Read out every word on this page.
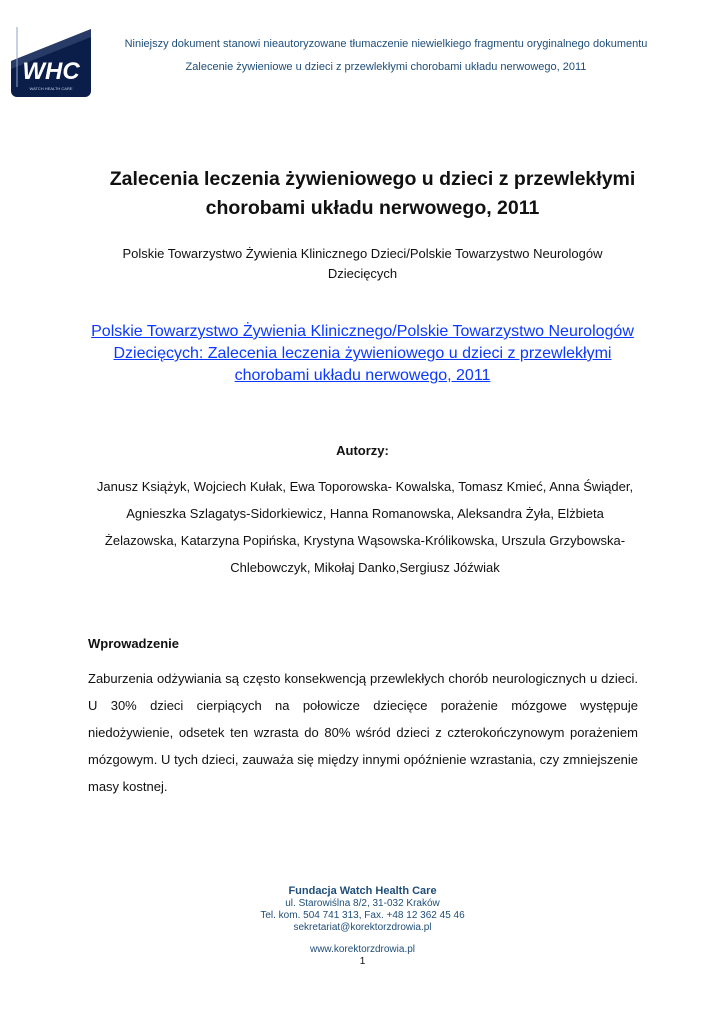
WHC
WATCH HEALTH CARE
Niniejszy dokument stanowi nieautoryzowane tłumaczenie niewielkiego fragmentu oryginalnego dokumentu
Zalecenie żywieniowe u dzieci z przewlekłymi chorobami układu nerwowego, 2011
Zalecenia leczenia żywieniowego u dzieci z przewlekłymi chorobami układu nerwowego, 2011
Polskie Towarzystwo Żywienia Klinicznego Dzieci/Polskie Towarzystwo Neurologów Dziecięcych
Polskie Towarzystwo Żywienia Klinicznego/Polskie Towarzystwo Neurologów Dziecięcych: Zalecenia leczenia żywieniowego u dzieci z przewlekłymi chorobami układu nerwowego, 2011
Autorzy:
Janusz Książyk, Wojciech Kułak, Ewa Toporowska- Kowalska, Tomasz Kmieć, Anna Świąder, Agnieszka Szlagatys-Sidorkiewicz, Hanna Romanowska, Aleksandra Żyła, Elżbieta Żelazowska, Katarzyna Popińska, Krystyna Wąsowska-Królikowska, Urszula Grzybowska- Chlebowczyk, Mikołaj Danko,Sergiusz Jóźwiak
Wprowadzenie
Zaburzenia odżywiania są często konsekwencją przewlekłych chorób neurologicznych u dzieci. U 30% dzieci cierpiących na połowicze dziecięce porażenie mózgowe występuje niedożywienie, odsetek ten wzrasta do 80% wśród dzieci z czterokończynowym porażeniem mózgowym. U tych dzieci, zauważa się między innymi opóźnienie wzrastania, czy zmniejszenie masy kostnej.
Fundacja Watch Health Care
ul. Starowiślna 8/2, 31-032 Kraków
Tel. kom. 504 741 313, Fax. +48 12 362 45 46
sekretariat@korektorzdrowia.pl
www.korektorzdrowia.pl
1
